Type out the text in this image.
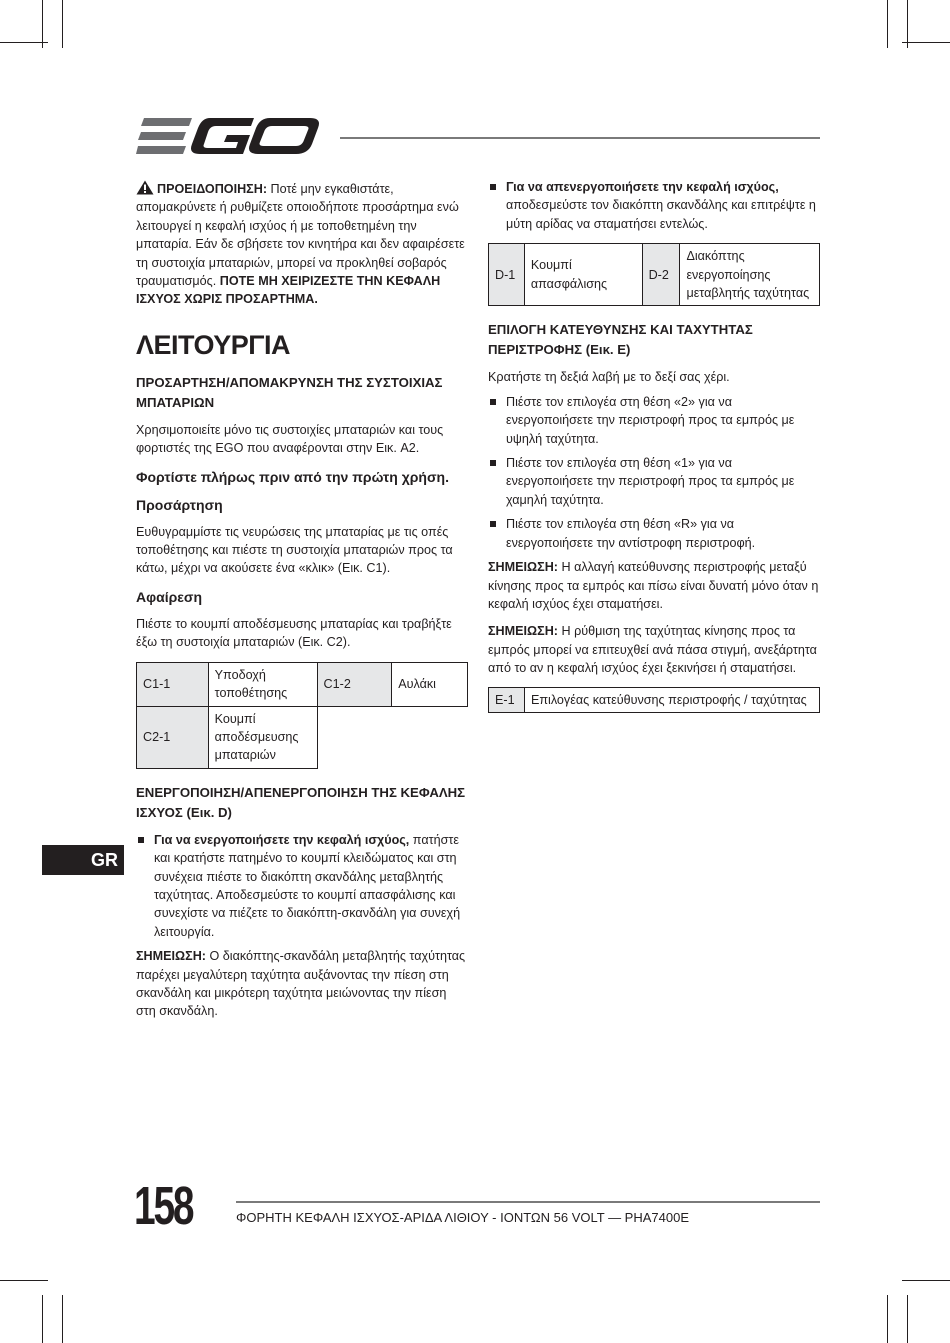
ΠΡΟΕΙΔΟΠΟΙΗΣΗ: Ποτέ μην εγκαθιστάτε, απομακρύνετε ή ρυθμίζετε οποιοδήποτε προσάρτημα ενώ λειτουργεί η κεφαλή ισχύος ή με τοποθετημένη την μπαταρία. Εάν δε σβήσετε τον κινητήρα και δεν αφαιρέσετε τη συστοιχία μπαταριών, μπορεί να προκληθεί σοβαρός τραυματισμός. ΠΟΤΕ ΜΗ ΧΕΙΡΙΖΕΣΤΕ ΤΗΝ ΚΕΦΑΛΗ ΙΣΧΥΟΣ ΧΩΡΙΣ ΠΡΟΣΑΡΤΗΜΑ.
ΛΕΙΤΟΥΡΓΙΑ
ΠΡΟΣΑΡΤΗΣΗ/ΑΠΟΜΑΚΡΥΝΣΗ ΤΗΣ ΣΥΣΤΟΙΧΙΑΣ ΜΠΑΤΑΡΙΩΝ
Χρησιμοποιείτε μόνο τις συστοιχίες μπαταριών και τους φορτιστές της EGO που αναφέρονται στην Εικ. A2.
Φορτίστε πλήρως πριν από την πρώτη χρήση.
Προσάρτηση
Ευθυγραμμίστε τις νευρώσεις της μπαταρίας με τις οπές τοποθέτησης και πιέστε τη συστοιχία μπαταριών προς τα κάτω, μέχρι να ακούσετε ένα «κλικ» (Εικ. C1).
Αφαίρεση
Πιέστε το κουμπί αποδέσμευσης μπαταρίας και τραβήξτε έξω τη συστοιχία μπαταριών (Εικ. C2).
C1-1	Υποδοχή τοποθέτησης	C1-2	Αυλάκι
C2-1	Κουμπί αποδέσμευσης μπαταριών		
ΕΝΕΡΓΟΠΟΙΗΣΗ/ΑΠΕΝΕΡΓΟΠΟΙΗΣΗ ΤΗΣ ΚΕΦΑΛΗΣ ΙΣΧΥΟΣ (Εικ. D)
Για να ενεργοποιήσετε την κεφαλή ισχύος, πατήστε και κρατήστε πατημένο το κουμπί κλειδώματος και στη συνέχεια πιέστε το διακόπτη σκανδάλης μεταβλητής ταχύτητας. Αποδεσμεύστε το κουμπί απασφάλισης και συνεχίστε να πιέζετε το διακόπτη-σκανδάλη για συνεχή λειτουργία.
ΣΗΜΕΙΩΣΗ: Ο διακόπτης-σκανδάλη μεταβλητής ταχύτητας παρέχει μεγαλύτερη ταχύτητα αυξάνοντας την πίεση στη σκανδάλη και μικρότερη ταχύτητα μειώνοντας την πίεση στη σκανδάλη.
Για να απενεργοποιήσετε την κεφαλή ισχύος, αποδεσμεύστε τον διακόπτη σκανδάλης και επιτρέψτε η μύτη αρίδας να σταματήσει εντελώς.
D-1	Κουμπί απασφάλισης	D-2	Διακόπτης ενεργοποίησης μεταβλητής ταχύτητας
ΕΠΙΛΟΓΗ ΚΑΤΕΥΘΥΝΣΗΣ ΚΑΙ ΤΑΧΥΤΗΤΑΣ ΠΕΡΙΣΤΡΟΦΗΣ (Εικ. E)
Κρατήστε τη δεξιά λαβή με το δεξί σας χέρι.
Πιέστε τον επιλογέα στη θέση «2» για να ενεργοποιήσετε την περιστροφή προς τα εμπρός με υψηλή ταχύτητα.
Πιέστε τον επιλογέα στη θέση «1» για να ενεργοποιήσετε την περιστροφή προς τα εμπρός με χαμηλή ταχύτητα.
Πιέστε τον επιλογέα στη θέση «R» για να ενεργοποιήσετε την αντίστροφη περιστροφή.
ΣΗΜΕΙΩΣΗ: Η αλλαγή κατεύθυνσης περιστροφής μεταξύ κίνησης προς τα εμπρός και πίσω είναι δυνατή μόνο όταν η κεφαλή ισχύος έχει σταματήσει.
ΣΗΜΕΙΩΣΗ: Η ρύθμιση της ταχύτητας κίνησης προς τα εμπρός μπορεί να επιτευχθεί ανά πάσα στιγμή, ανεξάρτητα από το αν η κεφαλή ισχύος έχει ξεκινήσει ή σταματήσει.
E-1	Επιλογέας κατεύθυνσης περιστροφής / ταχύτητας
GR
158	ΦΟΡΗΤΗ ΚΕΦΑΛΗ ΙΣΧΥΟΣ-ΑΡΙΔΑ ΛΙΘΙΟΥ - ΙΟΝΤΩΝ 56 VOLT — PHA7400E
